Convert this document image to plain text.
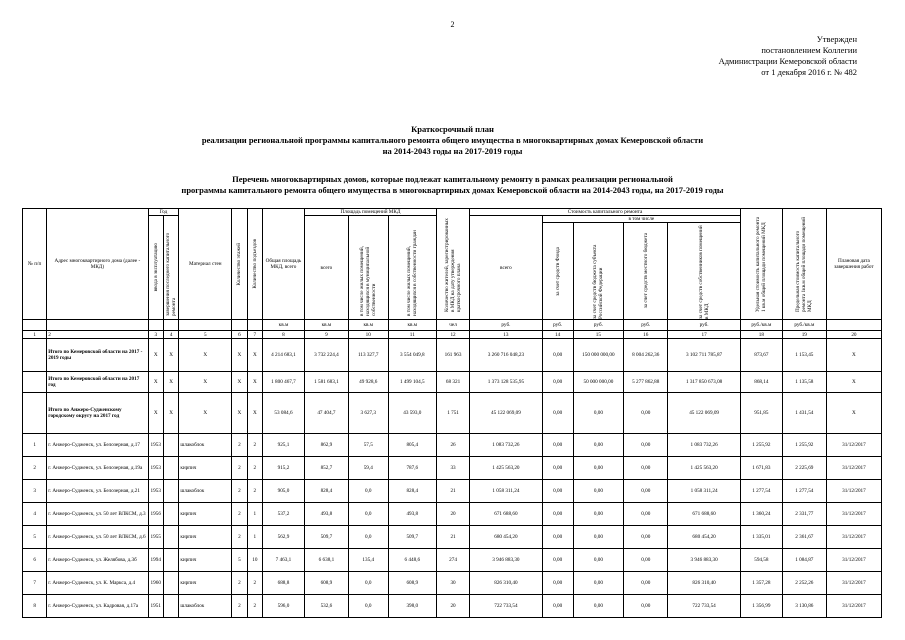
2
Утвержден
постановлением Коллегии
Администрации Кемеровской области
от 1 декабря 2016 г. № 482
Краткосрочный план
реализации региональной программы капитального ремонта общего имущества в многоквартирных домах Кемеровской области
на 2014-2043 годы на 2017-2019 годы
Перечень многоквартирных домов, которые подлежат капитальному ремонту в рамках реализации региональной
программы капитального ремонта общего имущества в многоквартирных домах Кемеровской области на 2014-2043 годы, на 2017-2019 годы
№ п/п	Адрес многоквартирного дома (далее - МКД)	Год		Материал стен	Количество этажей	Количество подъездов	Общая площадь МКД, всего	Площадь помещений МКД			Количество жителей, зарегистрированных в МКД на дату утверждения краткосрочного плана	Стоимость капитального ремонта					Удельная стоимость капитального ремонта 1 кв.м общей площади помещений МКД	Предельная стоимость капитального ремонта 1кв.м общей площади помещений МКД	Плановая дата завершения работ

		ввода в эксплуатацию	завершения последнего капитального ремонта					всего	в том числе жилых помещений, находящихся в муниципальной собственности	в том числе жилых помещений, находящихся в собственности граждан		всего	в том числе						

													за счет средств Фонда	за счет средств бюджета субъекта Российской Федерации	за счет средств местного бюджета	за счет средств собственников помещений в МКД			

							кв.м	кв.м	кв.м	кв.м	чел	руб.	руб.	руб.	руб.	руб.	руб./кв.м	руб./кв.м	
1	2	3	4	5	6	7	8	9	10	11	12	13	14	15	16	17	18	19	20
	Итого по Кемеровской области на 2017 - 2019 годы	X	X	X	X	X	4 214 683,1	3 732 224,4	113 327,7	3 554 049,8	161 963	3 260 716 048,23	0,00	150 000 000,00	8 004 262,36	3 102 711 785,87	873,67	1 153,45	X
	Итого по Кемеровской области на 2017 год	X	X	X	X	X	1 800 467,7	1 581 683,1	49 928,6	1 499 104,5	68 321	1 373 128 535,95	0,00	50 000 000,00	5 277 862,88	1 317 850 673,08	868,14	1 135,58	X
	Итого по Анжеро-Судженскому городскому округу на 2017 год	X	X	X	X	X	53 084,6	47 404,7	3 627,3	43 593,0	1 751	45 122 069,09	0,00	0,00	0,00	45 122 069,09	951,85	1 431,54	X
1	г. Анжеро-Судженск, ул. Белозерная, д.17	1953		шлакоблок	2	2	925,1	862,9	57,5	805,4	26	1 083 732,26	0,00	0,00	0,00	1 083 732,26	1 255,92	1 255,92	31/12/2017
2	г. Анжеро-Судженск, ул. Белозерная, д.19а	1953		кирпич	2	2	915,2	852,7	59,4	787,6	33	1 425 563,20	0,00	0,00	0,00	1 425 563,20	1 671,83	2 225,69	31/12/2017
3	г. Анжеро-Судженск, ул. Белозерная, д.21	1953		шлакоблок	2	2	905,0	828,4	0,0	828,4	21	1 058 311,24	0,00	0,00	0,00	1 058 311,24	1 277,54	1 277,54	31/12/2017
4	г. Анжеро-Судженск, ул. 50 лет ВЛКСМ, д.3	1956		кирпич	2	1	537,2	493,8	0,0	493,8	20	671 688,60	0,00	0,00	0,00	671 688,60	1 360,24	2 331,77	31/12/2017
5	г. Анжеро-Судженск, ул. 50 лет ВЛКСМ, д.6	1955		кирпич	2	1	562,9	509,7	0,0	509,7	21	680 454,20	0,00	0,00	0,00	680 454,20	1 335,01	2 361,67	31/12/2017
6	г. Анжеро-Судженск, ул. Желябова, д.3б	1994		кирпич	5	10	7 463,1	6 638,1	135,4	6 448,6	274	3 946 883,30	0,00	0,00	0,00	3 946 883,30	594,58	1 084,87	31/12/2017
7	г. Анжеро-Судженск, ул. К. Маркса, д.4	1960		кирпич	2	2	688,8	608,9	0,0	608,9	30	826 310,40	0,00	0,00	0,00	826 310,40	1 357,28	2 252,26	31/12/2017
8	г. Анжеро-Судженск, ул. Кадровая, д.17а	1951		шлакоблок	2	2	596,0	532,6	0,0	398,0	20	722 733,54	0,00	0,00	0,00	722 733,54	1 356,99	3 130,86	31/12/2017
